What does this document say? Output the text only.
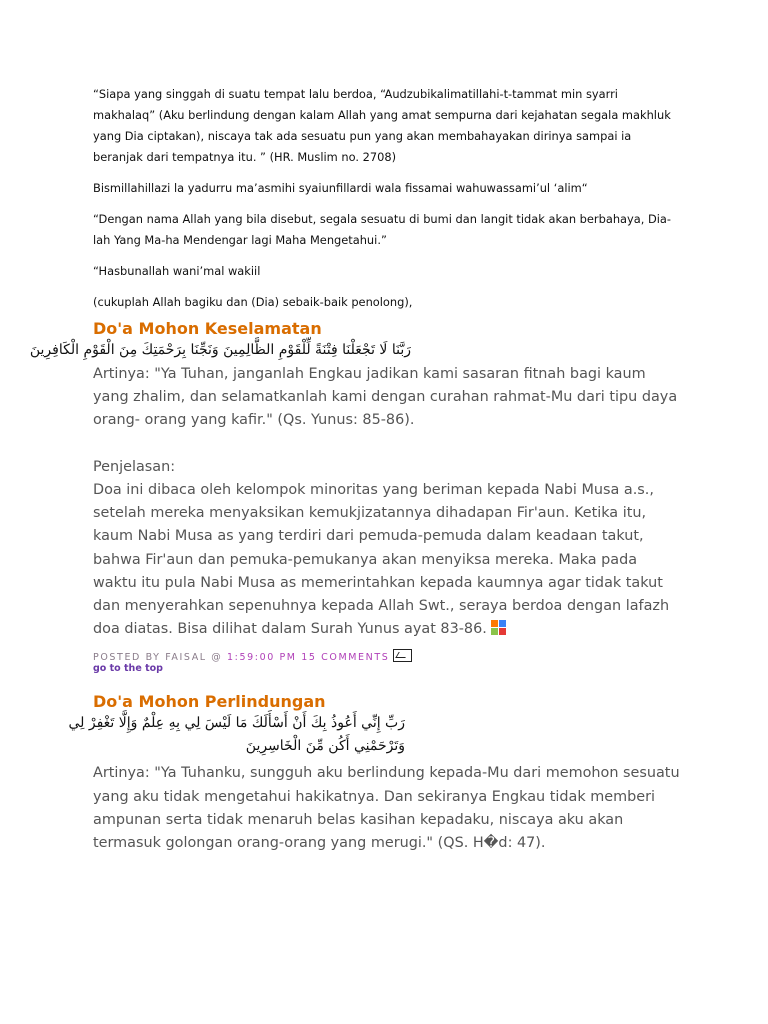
“Siapa yang singgah di suatu tempat lalu berdoa, “Audzubikalimatillahi-t-tammat min syarri makhalaq” (Aku berlindung dengan kalam Allah yang amat sempurna dari kejahatan segala makhluk yang Dia ciptakan), niscaya tak ada sesuatu pun yang akan membahayakan dirinya sampai ia beranjak dari tempatnya itu. ” (HR. Muslim no. 2708)

Bismillahillazi la yadurru ma’asmihi syaiunfillardi wala fissamai wahuwassami’ul ‘alim“

“Dengan nama Allah yang bila disebut, segala sesuatu di bumi dan langit tidak akan berbahaya, Dia-lah Yang Ma-ha Mendengar lagi Maha Mengetahui.”

“Hasbunallah wani’mal wakiil

(cukuplah Allah bagiku dan (Dia) sebaik-baik penolong),

Do'a Mohon Keselamatan
رَبَّنَا لَا تَجْعَلْنَا فِتْنَةً لِّلْقَوْمِ الظَّالِمِينَ وَنَجِّنَا بِرَحْمَتِكَ مِنَ الْقَوْمِ الْكَافِرِينَ

Artinya: "Ya Tuhan, janganlah Engkau jadikan kami sasaran fitnah bagi kaum yang zhalim, dan selamatkanlah kami dengan curahan rahmat-Mu dari tipu daya orang- orang yang kafir." (Qs. Yunus: 85-86).

Penjelasan:

Doa ini dibaca oleh kelompok minoritas yang beriman kepada Nabi Musa a.s., setelah mereka menyaksikan kemukjizatannya dihadapan Fir'aun. Ketika itu, kaum Nabi Musa as yang terdiri dari pemuda-pemuda dalam keadaan takut, bahwa Fir'aun dan pemuka-pemukanya akan menyiksa mereka. Maka pada waktu itu pula Nabi Musa as memerintahkan kepada kaumnya agar tidak takut dan menyerahkan sepenuhnya kepada Allah Swt., seraya berdoa dengan lafazh doa diatas. Bisa dilihat dalam Surah Yunus ayat 83-86.

POSTED BY FAISAL @ 1:59:00 PM 15 COMMENTS
go to the top
Do'a Mohon Perlindungan
رَبِّ إِنِّي أَعُوذُ بِكَ أَنْ أَسْأَلَكَ مَا لَيْسَ لِي بِهِ عِلْمٌ وَإِلَّا تَغْفِرْ لِي
وَتَرْحَمْنِي أَكُن مِّنَ الْخَاسِرِينَ

Artinya: "Ya Tuhanku, sungguh aku berlindung kepada-Mu dari memohon sesuatu yang aku tidak mengetahui hakikatnya. Dan sekiranya Engkau tidak memberi ampunan serta tidak menaruh belas kasihan kepadaku, niscaya aku akan termasuk golongan orang-orang yang merugi." (QS. H�d: 47).
